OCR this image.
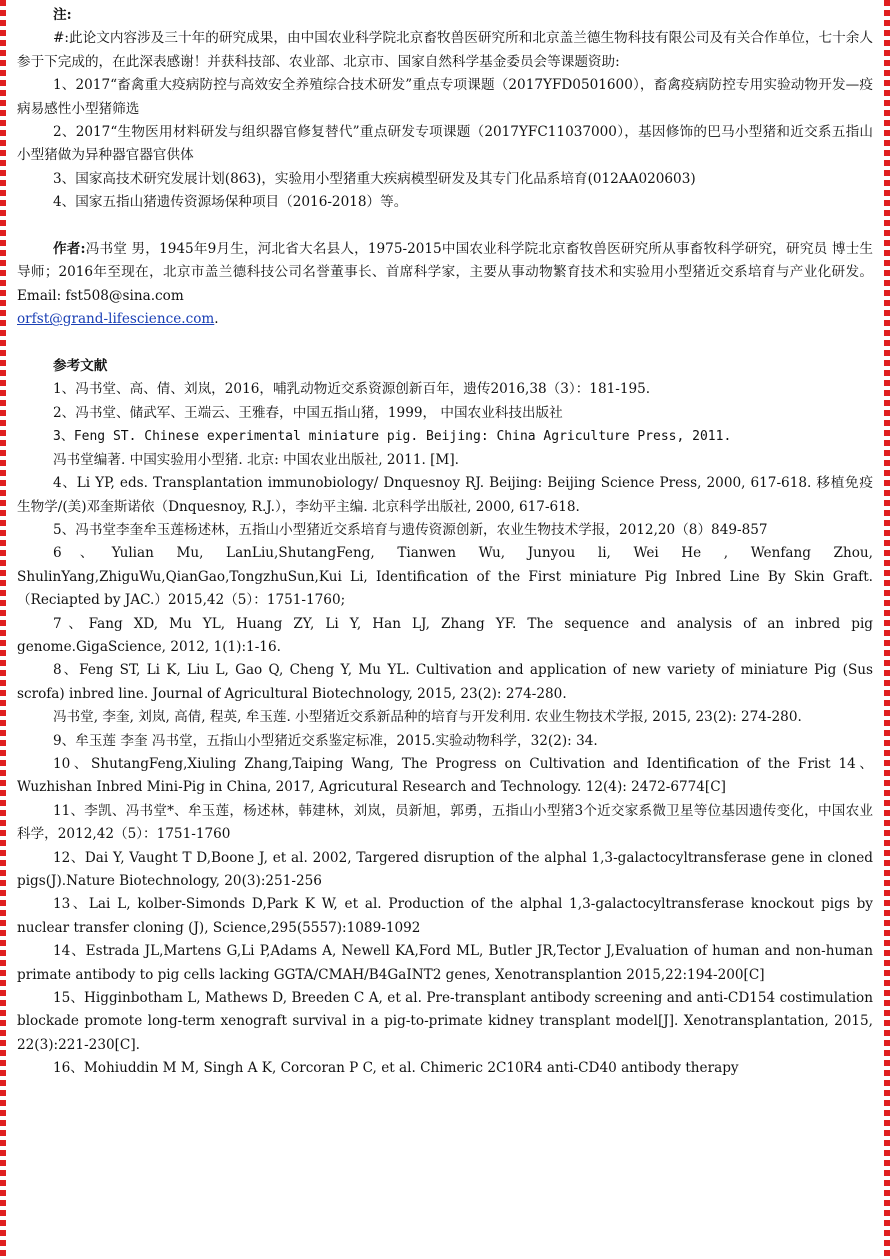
注:

#:此论文内容涉及三十年的研究成果，由中国农业科学院北京畜牧兽医研究所和北京盖兰德生物科技有限公司及有关合作单位，七十余人参于下完成的，在此深表感谢！并获科技部、农业部、北京市、国家自然科学基金委员会等课题资助:

1、2017“畜禽重大疫病防控与高效安全养殖综合技术研发”重点专项课题（2017YFD0501600），畜禽疫病防控专用实验动物开发—疫病易感性小型猪筛选

2、2017“生物医用材料研发与组织器官修复替代”重点研发专项课题（2017YFC11037000），基因修饰的巴马小型猪和近交系五指山小型猪做为异种器官器官供体

3、国家高技术研究发展计划(863)，实验用小型猪重大疾病模型研发及其专门化品系培育(012AA020603)

4、国家五指山猪遗传资源场保种项目（2016-2018）等。

作者:冯书堂 男，1945年9月生，河北省大名县人，1975-2015中国农业科学院北京畜牧兽医研究所从事畜牧科学研究，研究员 博士生导师；2016年至现在，北京市盖兰德科技公司名誉董事长、首席科学家，主要从事动物繁育技术和实验用小型猪近交系培育与产业化研发。Email: fst508@sina.com

orfst@grand-lifescience.com.

参考文献

1、冯书堂、高、倩、刘岚，2016，哺乳动物近交系资源创新百年，遗传2016,38（3）：181-195.

2、冯书堂、储武军、王端云、王雅春，中国五指山猪，1999， 中国农业科技出版社

3、Feng ST. Chinese experimental miniature pig. Beijing: China Agriculture Press, 2011.

冯书堂编著. 中国实验用小型猪. 北京: 中国农业出版社, 2011. [M].

4、Li YP, eds. Transplantation immunobiology/ Dnquesnoy RJ. Beijing: Beijing Science Press, 2000, 617-618. 移植免疫生物学/(美)邓奎斯诺依（Dnquesnoy, R.J.），李幼平主编. 北京科学出版社, 2000, 617-618.

5、冯书堂李奎牟玉莲杨述林，五指山小型猪近交系培育与遗传资源创新，农业生物技术学报，2012,20（8）849-857

6、Yulian Mu, LanLiu,ShutangFeng, Tianwen Wu, Junyou li, Wei He , Wenfang Zhou, ShulinYang,ZhiguWu,QianGao,TongzhuSun,Kui Li, Identification of the First miniature Pig Inbred Line By Skin Graft.（Reciapted by JAC.）2015,42（5）：1751-1760;

7、Fang XD, Mu YL, Huang ZY, Li Y, Han LJ, Zhang YF. The sequence and analysis of an inbred pig genome.GigaScience, 2012, 1(1):1-16.

8、Feng ST, Li K, Liu L, Gao Q, Cheng Y, Mu YL. Cultivation and application of new variety of miniature Pig (Sus scrofa) inbred line. Journal of Agricultural Biotechnology, 2015, 23(2): 274-280.

冯书堂, 李奎, 刘岚, 高倩, 程英, 牟玉莲. 小型猪近交系新品种的培育与开发利用. 农业生物技术学报, 2015, 23(2): 274-280.

9、牟玉莲 李奎 冯书堂，五指山小型猪近交系鉴定标准，2015.实验动物科学，32(2): 34.

10、ShutangFeng,Xiuling Zhang,Taiping Wang, The Progress on Cultivation and Identification of the Frist 14、Wuzhishan Inbred Mini-Pig in China, 2017, Agricutural Research and Technology. 12(4): 2472-6774[C]

11、李凯、冯书堂*、牟玉莲，杨述林，韩建林，刘岚，员新旭，郭勇，五指山小型猪3个近交家系微卫星等位基因遗传变化，中国农业科学，2012,42（5）：1751-1760

12、Dai Y, Vaught T D,Boone J, et al. 2002, Targered disruption of the alphal 1,3-galactocyltransferase gene in cloned pigs(J).Nature Biotechnology, 20(3):251-256

13、Lai L, kolber-Simonds D,Park K W, et al. Production of the alphal 1,3-galactocyltransferase knockout pigs by nuclear transfer cloning (J), Science,295(5557):1089-1092

14、Estrada JL,Martens G,Li P,Adams A, Newell KA,Ford ML, Butler JR,Tector J,Evaluation of human and non-human primate antibody to pig cells lacking GGTA/CMAH/B4GaINT2 genes, Xenotransplantion 2015,22:194-200[C]

15、Higginbotham L, Mathews D, Breeden C A, et al. Pre-transplant antibody screening and anti-CD154 costimulation blockade promote long-term xenograft survival in a pig-to-primate kidney transplant model[J]. Xenotransplantation, 2015, 22(3):221-230[C].

16、Mohiuddin M M, Singh A K, Corcoran P C, et al. Chimeric 2C10R4 anti-CD40 antibody therapy
